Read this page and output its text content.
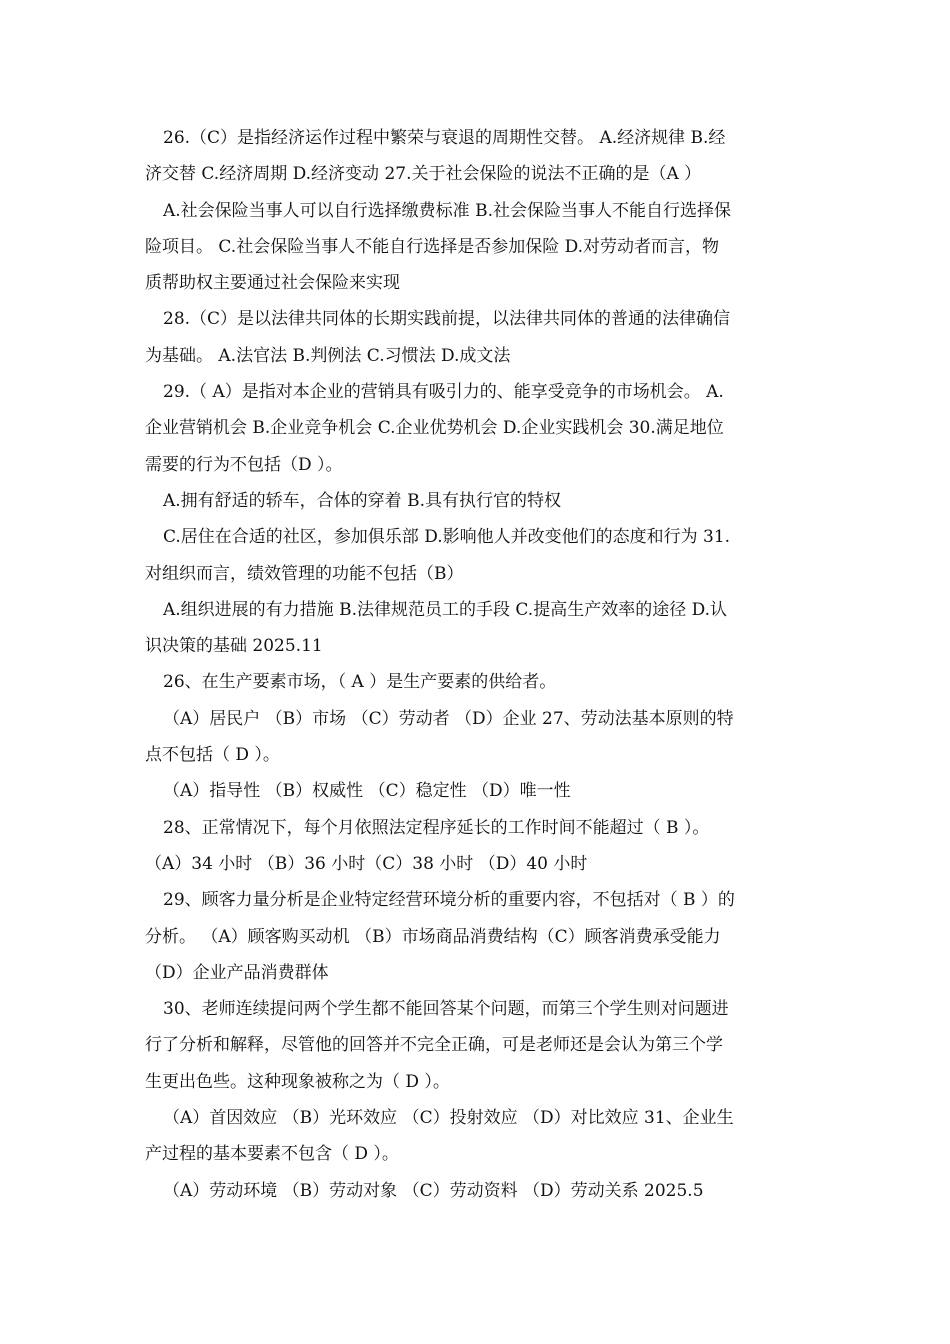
26.（C）是指经济运作过程中繁荣与衰退的周期性交替。 A.经济规律 B.经
济交替 C.经济周期 D.经济变动 27.关于社会保险的说法不正确的是（A ）
A.社会保险当事人可以自行选择缴费标准 B.社会保险当事人不能自行选择保
险项目。 C.社会保险当事人不能自行选择是否参加保险 D.对劳动者而言，物
质帮助权主要通过社会保险来实现
28.（C）是以法律共同体的长期实践前提，以法律共同体的普通的法律确信
为基础。 A.法官法 B.判例法 C.习惯法 D.成文法
29.（ A）是指对本企业的营销具有吸引力的、能享受竞争的市场机会。 A.
企业营销机会 B.企业竞争机会 C.企业优势机会 D.企业实践机会 30.满足地位
需要的行为不包括（D ）。
A.拥有舒适的轿车，合体的穿着 B.具有执行官的特权
C.居住在合适的社区，参加俱乐部 D.影响他人并改变他们的态度和行为 31.
对组织而言，绩效管理的功能不包括（B）
A.组织进展的有力措施 B.法律规范员工的手段 C.提高生产效率的途径 D.认
识决策的基础 2025.11
26、在生产要素市场，（ A ）是生产要素的供给者。
（A）居民户 （B）市场 （C）劳动者 （D）企业 27、劳动法基本原则的特
点不包括（ D ）。
（A）指导性 （B）权威性 （C）稳定性 （D）唯一性
28、正常情况下，每个月依照法定程序延长的工作时间不能超过（ B ）。
（A）34 小时 （B）36 小时（C）38 小时 （D）40 小时
29、顾客力量分析是企业特定经营环境分析的重要内容，不包括对（ B ）的
分析。 （A）顾客购买动机 （B）市场商品消费结构（C）顾客消费承受能力
（D）企业产品消费群体
30、老师连续提问两个学生都不能回答某个问题，而第三个学生则对问题进
行了分析和解释，尽管他的回答并不完全正确，可是老师还是会认为第三个学
生更出色些。这种现象被称之为（ D ）。
（A）首因效应 （B）光环效应 （C）投射效应 （D）对比效应 31、企业生
产过程的基本要素不包含（ D ）。
（A）劳动环境 （B）劳动对象 （C）劳动资料 （D）劳动关系 2025.5
